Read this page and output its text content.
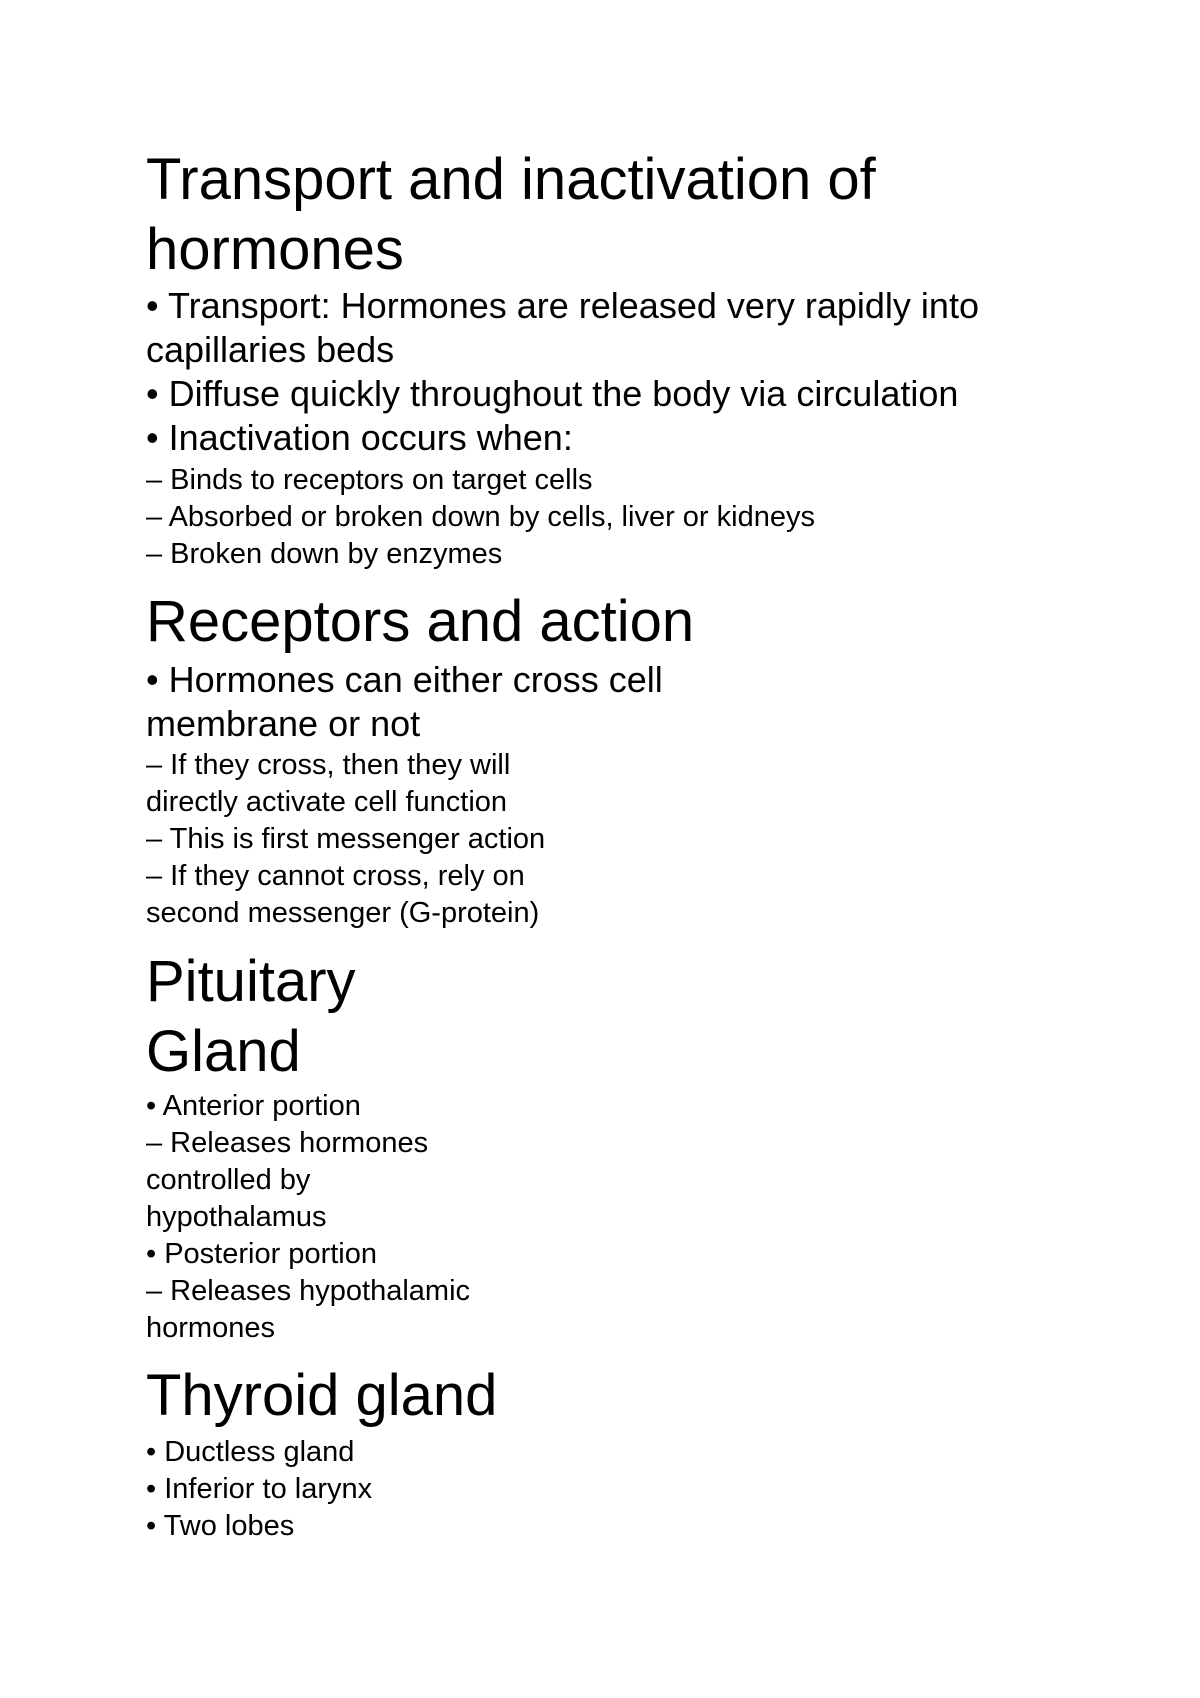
Transport and inactivation of

hormones

• Transport: Hormones are released very rapidly into

capillaries beds

• Diffuse quickly throughout the body via circulation

• Inactivation occurs when:

– Binds to receptors on target cells

– Absorbed or broken down by cells, liver or kidneys

– Broken down by enzymes

Receptors and action

• Hormones can either cross cell

membrane or not

– If they cross, then they will

directly activate cell function

– This is first messenger action

– If they cannot cross, rely on

second messenger (G-protein)

Pituitary

Gland

• Anterior portion

– Releases hormones

controlled by

hypothalamus

• Posterior portion

– Releases hypothalamic

hormones

Thyroid gland

• Ductless gland

• Inferior to larynx

• Two lobes
